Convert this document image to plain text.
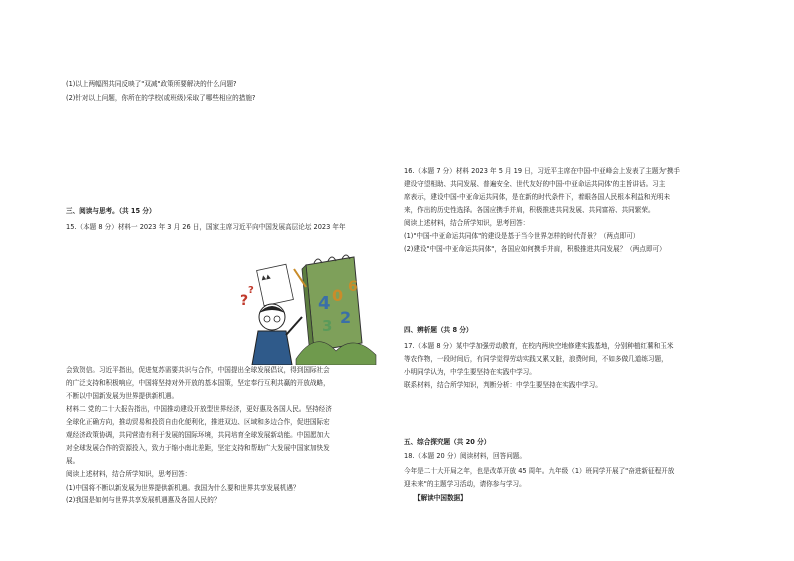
(1)以上两幅图共同反映了"双减"政策所要解决的什么问题?
(2)针对以上问题，你所在的学校(或班级)采取了哪些相应的措施?
三、阅读与思考。（共 15 分）
15.（本题 8 分）材料一 2023 年 3 月 26 日，国家主席习近平向中国发展高层论坛 2023 年年
4 0
2
3
6
▲▲
?
?
会致贺信。习近平指出，促进复苏需要共识与合作，中国提出全球发展倡议，得到国际社会
的广泛支持和积极响应，中国将坚持对外开放的基本国策，坚定奉行互利共赢的开放战略，
不断以中国新发展为世界提供新机遇。
材料二 党的二十大报告指出，中国推动建设开放型世界经济，更好惠及各国人民。坚持经济
全球化正确方向，推动贸易和投资自由化便利化，推进双边、区域和多边合作，促进国际宏
观经济政策协调，共同营造有利于发展的国际环境，共同培育全球发展新动能。中国愿加大
对全球发展合作的资源投入，致力于缩小南北差距，坚定支持和帮助广大发展中国家加快发
展。
阅读上述材料，结合所学知识，思考回答：
(1)中国将不断以新发展为世界提供新机遇。我国为什么要和世界共享发展机遇？
(2)我国是如何与世界共享发展机遇惠及各国人民的？
16.（本题 7 分）材料 2023 年 5 月 19 日，习近平主席在中国-中亚峰会上发表了主题为'携手
建设守望相助、共同发展、普遍安全、世代友好的中国-中亚命运共同体'的主旨讲话。习主
席表示，建设中国-中亚命运共同体，是在新的时代条件下，着眼各国人民根本利益和光明未
来，作出的历史性选择。各国应携手并肩，积极推进共同发展、共同富裕、共同繁荣。
阅读上述材料，结合所学知识，思考回答：
(1)"中国-中亚命运共同体"的建设是基于当今世界怎样的时代背景？（两点即可）
(2)建设"中国-中亚命运共同体"，各国应如何携手并肩，积极推进共同发展？（两点即可）
四、辨析题（共 8 分）
17.（本题 8 分）某中学加强劳动教育，在校内两块空地修建实践基地，分别种植红薯和玉米
等农作物，一段时间后，有同学觉得劳动实践又累又脏，浪费时间，不如多做几道练习题，
小明同学认为，中学生要坚持在实践中学习。
联系材料，结合所学知识，判断分析：中学生要坚持在实践中学习。
五、综合探究题（共 20 分）
18.（本题 20 分）阅读材料，回答问题。
今年是二十大开局之年，也是改革开放 45 周年。九年级（1）班同学开展了"奋进新征程开放
迎未来"的主题学习活动，请你参与学习。
【解读中国数据】
